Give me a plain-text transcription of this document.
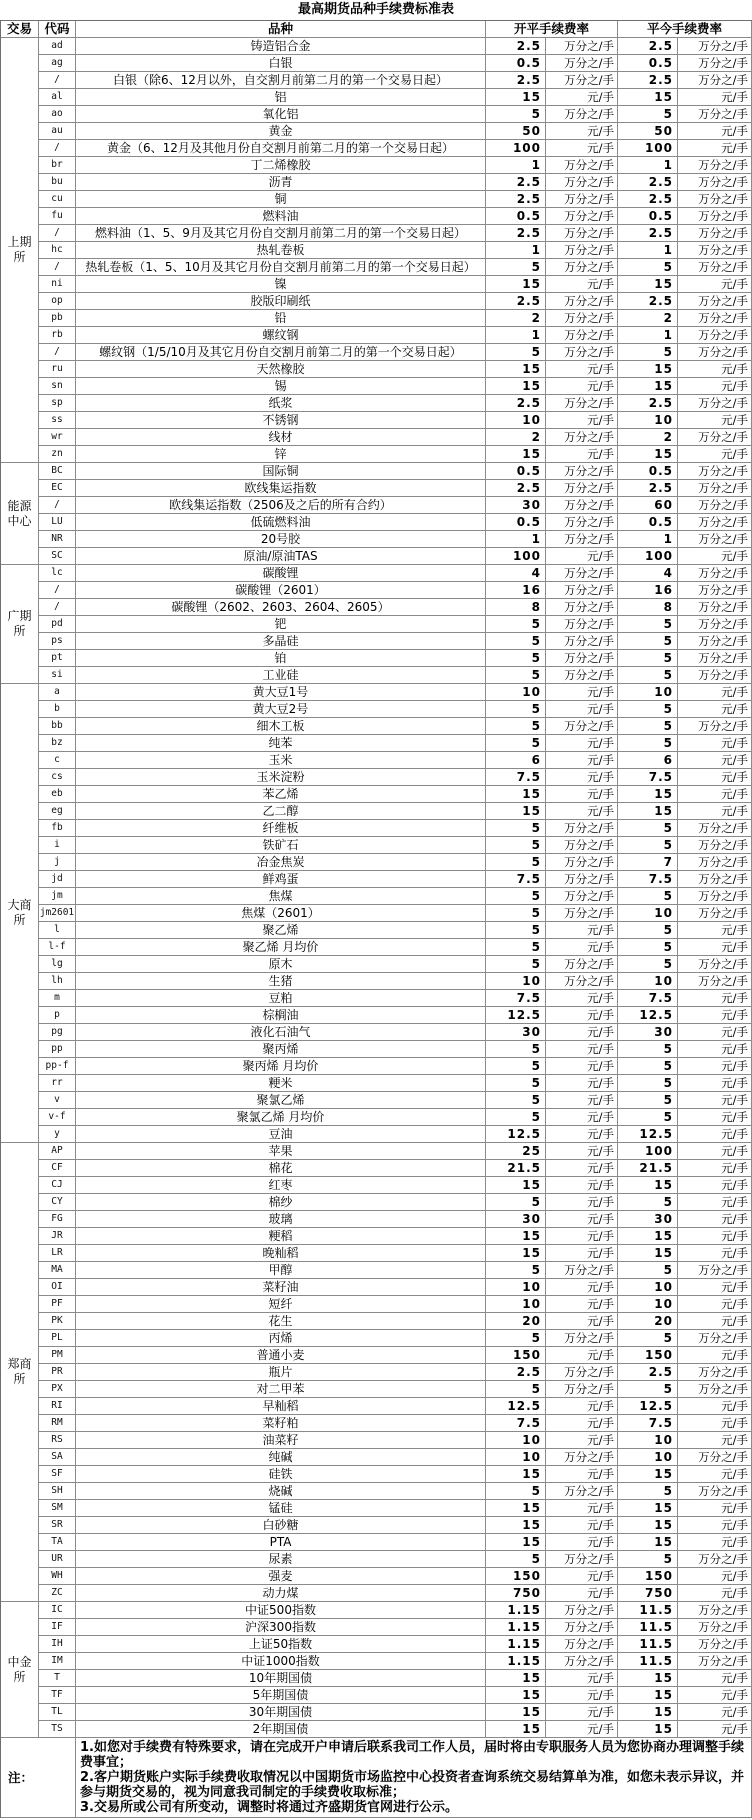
最高期货品种手续费标准表
交易 代码	品种	开平手续费率	平今手续费率
上期所
ad	铸造铝合金	2.5	万分之/手	2.5	万分之/手
ag	白银	0.5	万分之/手	0.5	万分之/手
/	白银（除6、12月以外，自交割月前第二月的第一个交易日起）	2.5	万分之/手	2.5	万分之/手
al	铝	15	元/手	15	元/手
ao	氧化铝	5	万分之/手	5	万分之/手
au	黄金	50	元/手	50	元/手
/	黄金（6、12月及其他月份自交割月前第二月的第一个交易日起）	100	元/手	100	元/手
br	丁二烯橡胶	1	万分之/手	1	万分之/手
bu	沥青	2.5	万分之/手	2.5	万分之/手
cu	铜	2.5	万分之/手	2.5	万分之/手
fu	燃料油	0.5	万分之/手	0.5	万分之/手
/	燃料油（1、5、9月及其它月份自交割月前第二月的第一个交易日起）	2.5	万分之/手	2.5	万分之/手
hc	热轧卷板	1	万分之/手	1	万分之/手
/	热轧卷板（1、5、10月及其它月份自交割月前第二月的第一个交易日起）	5	万分之/手	5	万分之/手
ni	镍	15	元/手	15	元/手
op	胶版印刷纸	2.5	万分之/手	2.5	万分之/手
pb	铅	2	万分之/手	2	万分之/手
rb	螺纹钢	1	万分之/手	1	万分之/手
/	螺纹钢（1/5/10月及其它月份自交割月前第二月的第一个交易日起）	5	万分之/手	5	万分之/手
ru	天然橡胶	15	元/手	15	元/手
sn	锡	15	元/手	15	元/手
sp	纸浆	2.5	万分之/手	2.5	万分之/手
ss	不锈钢	10	元/手	10	元/手
wr	线材	2	万分之/手	2	万分之/手
zn	锌	15	元/手	15	元/手
能源中心
BC	国际铜	0.5	万分之/手	0.5	万分之/手
EC	欧线集运指数	2.5	万分之/手	2.5	万分之/手
/	欧线集运指数（2506及之后的所有合约）	30	万分之/手	60	万分之/手
LU	低硫燃料油	0.5	万分之/手	0.5	万分之/手
NR	20号胶	1	万分之/手	1	万分之/手
SC	原油/原油TAS	100	元/手	100	元/手
广期所
lc	碳酸锂	4	万分之/手	4	万分之/手
/	碳酸锂（2601）	16	万分之/手	16	万分之/手
/	碳酸锂（2602、2603、2604、2605）	8	万分之/手	8	万分之/手
pd	钯	5	万分之/手	5	万分之/手
ps	多晶硅	5	万分之/手	5	万分之/手
pt	铂	5	万分之/手	5	万分之/手
si	工业硅	5	万分之/手	5	万分之/手
大商所
a	黄大豆1号	10	元/手	10	元/手
b	黄大豆2号	5	元/手	5	元/手
bb	细木工板	5	万分之/手	5	万分之/手
bz	纯苯	5	元/手	5	元/手
c	玉米	6	元/手	6	元/手
cs	玉米淀粉	7.5	元/手	7.5	元/手
eb	苯乙烯	15	元/手	15	元/手
eg	乙二醇	15	元/手	15	元/手
fb	纤维板	5	万分之/手	5	万分之/手
i	铁矿石	5	万分之/手	5	万分之/手
j	冶金焦炭	5	万分之/手	7	万分之/手
jd	鲜鸡蛋	7.5	万分之/手	7.5	万分之/手
jm	焦煤	5	万分之/手	5	万分之/手
jm2601	焦煤（2601）	5	万分之/手	10	万分之/手
l	聚乙烯	5	元/手	5	元/手
l-f	聚乙烯 月均价	5	元/手	5	元/手
lg	原木	5	万分之/手	5	万分之/手
lh	生猪	10	万分之/手	10	万分之/手
m	豆粕	7.5	元/手	7.5	元/手
p	棕榈油	12.5	元/手	12.5	元/手
pg	液化石油气	30	元/手	30	元/手
pp	聚丙烯	5	元/手	5	元/手
pp-f	聚丙烯 月均价	5	元/手	5	元/手
rr	粳米	5	元/手	5	元/手
v	聚氯乙烯	5	元/手	5	元/手
v-f	聚氯乙烯 月均价	5	元/手	5	元/手
y	豆油	12.5	元/手	12.5	元/手
郑商所
AP	苹果	25	元/手	100	元/手
CF	棉花	21.5	元/手	21.5	元/手
CJ	红枣	15	元/手	15	元/手
CY	棉纱	5	元/手	5	元/手
FG	玻璃	30	元/手	30	元/手
JR	粳稻	15	元/手	15	元/手
LR	晚籼稻	15	元/手	15	元/手
MA	甲醇	5	万分之/手	5	万分之/手
OI	菜籽油	10	元/手	10	元/手
PF	短纤	10	元/手	10	元/手
PK	花生	20	元/手	20	元/手
PL	丙烯	5	万分之/手	5	万分之/手
PM	普通小麦	150	元/手	150	元/手
PR	瓶片	2.5	万分之/手	2.5	万分之/手
PX	对二甲苯	5	万分之/手	5	万分之/手
RI	早籼稻	12.5	元/手	12.5	元/手
RM	菜籽粕	7.5	元/手	7.5	元/手
RS	油菜籽	10	元/手	10	元/手
SA	纯碱	10	万分之/手	10	万分之/手
SF	硅铁	15	元/手	15	元/手
SH	烧碱	5	万分之/手	5	万分之/手
SM	锰硅	15	元/手	15	元/手
SR	白砂糖	15	元/手	15	元/手
TA	PTA	15	元/手	15	元/手
UR	尿素	5	万分之/手	5	万分之/手
WH	强麦	150	元/手	150	元/手
ZC	动力煤	750	元/手	750	元/手
中金所
IC	中证500指数	1.15	万分之/手	11.5	万分之/手
IF	沪深300指数	1.15	万分之/手	11.5	万分之/手
IH	上证50指数	1.15	万分之/手	11.5	万分之/手
IM	中证1000指数	1.15	万分之/手	11.5	万分之/手
T	10年期国债	15	元/手	15	元/手
TF	5年期国债	15	元/手	15	元/手
TL	30年期国债	15	元/手	15	元/手
TS	2年期国债	15	元/手	15	元/手
注：
1.如您对手续费有特殊要求，请在完成开户申请后联系我司工作人员，届时将由专职服务人员为您协商办理调整手续费事宜；
2.客户期货账户实际手续费收取情况以中国期货市场监控中心投资者查询系统交易结算单为准，如您未表示异议，并参与期货交易的，视为同意我司制定的手续费收取标准；
3.交易所或公司有所变动，调整时将通过齐盛期货官网进行公示。
